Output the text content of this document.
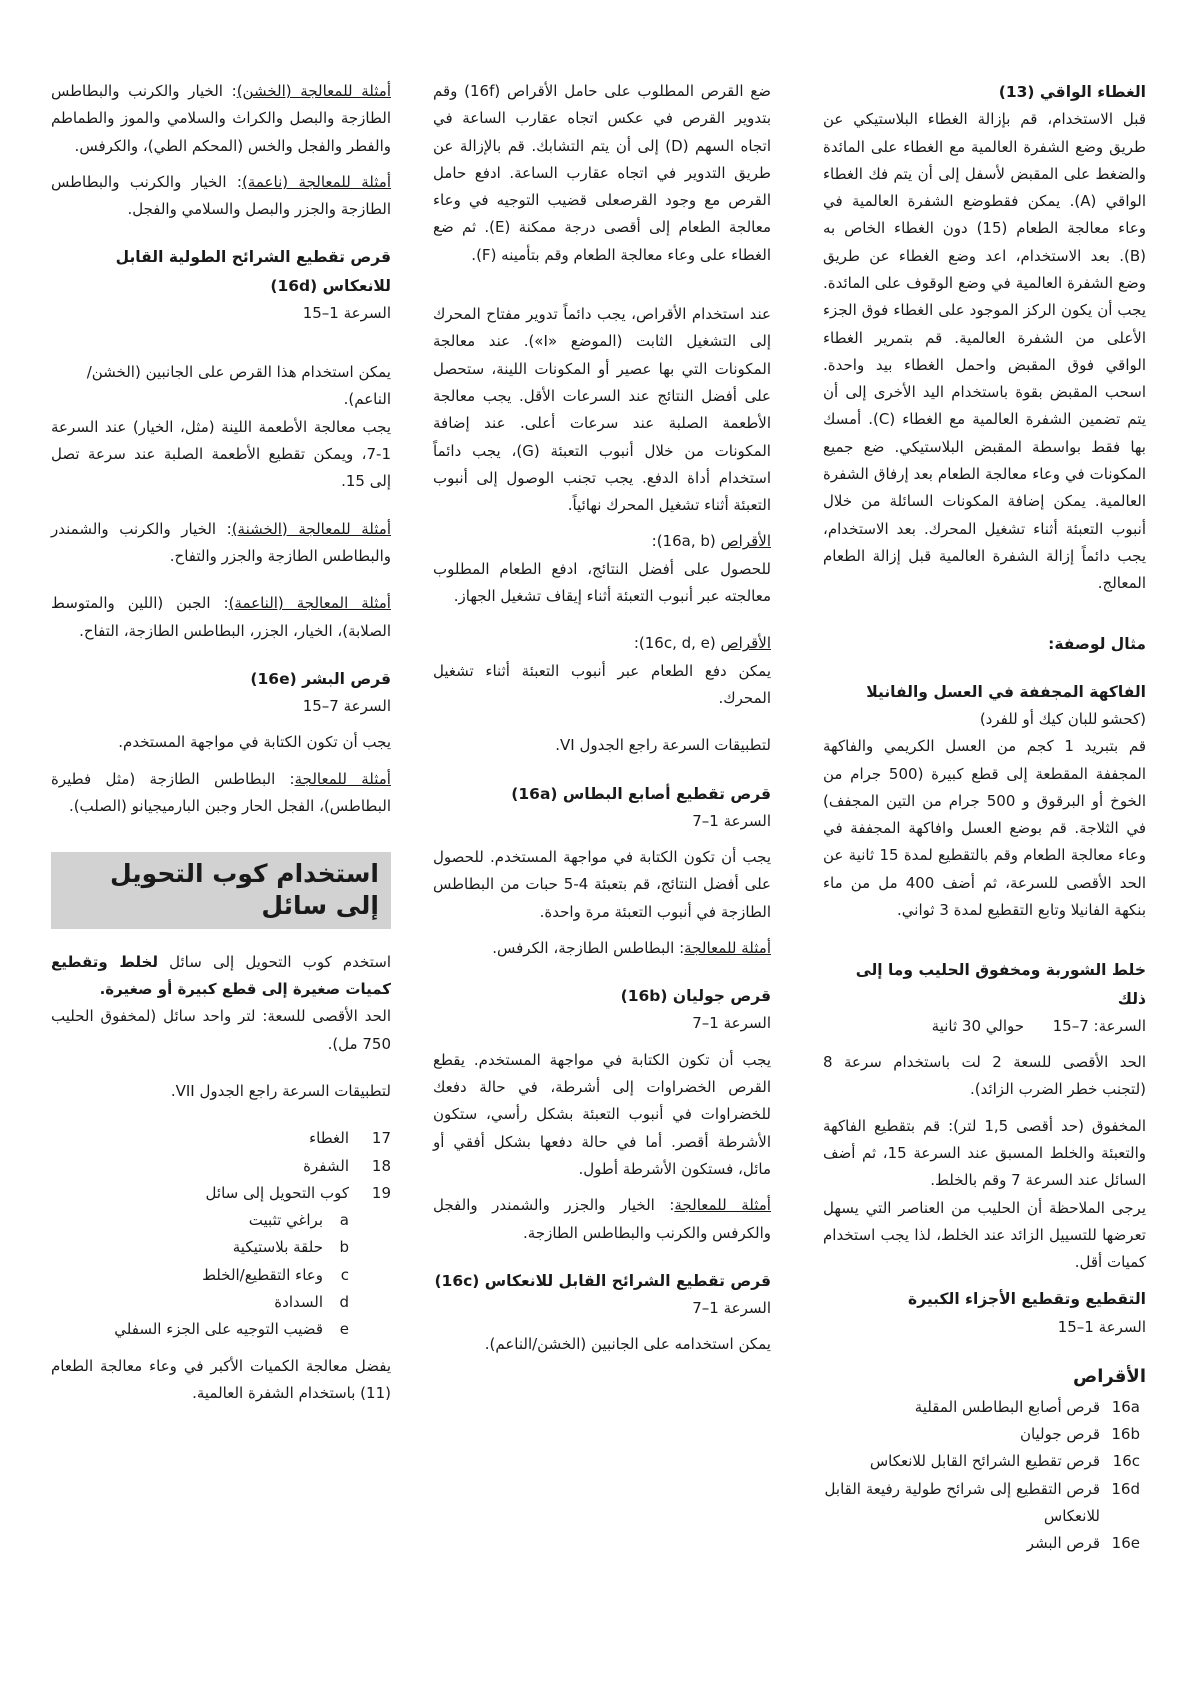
الغطاء الواقي (13)

قبل الاستخدام، قم بإزالة الغطاء البلاستيكي عن طريق وضع الشفرة العالمية مع الغطاء على المائدة والضغط على المقبض لأسفل إلى أن يتم فك الغطاء الواقي (A). يمكن فقطوضع الشفرة العالمية في وعاء معالجة الطعام (15) دون الغطاء الخاص به (B). بعد الاستخدام، اعد وضع الغطاء عن طريق وضع الشفرة العالمية في وضع الوقوف على المائدة. يجب أن يكون الركز الموجود على الغطاء فوق الجزء الأعلى من الشفرة العالمية. قم بتمرير الغطاء الواقي فوق المقبض واحمل الغطاء بيد واحدة. اسحب المقبض بقوة باستخدام اليد الأخرى إلى أن يتم تضمين الشفرة العالمية مع الغطاء (C). أمسك بها فقط بواسطة المقبض البلاستيكي. ضع جميع المكونات في وعاء معالجة الطعام بعد إرفاق الشفرة العالمية. يمكن إضافة المكونات السائلة من خلال أنبوب التعبئة أثناء تشغيل المحرك. بعد الاستخدام، يجب دائماً إزالة الشفرة العالمية قبل إزالة الطعام المعالج.

مثال لوصفة:

الفاكهة المجففة في العسل والفانيلا

(كحشو للبان كيك أو للفرد)

قم بتبريد 1 كجم من العسل الكريمي والفاكهة المجففة المقطعة إلى قطع كبيرة (500 جرام من الخوخ أو البرقوق و 500 جرام من التين المجفف) في الثلاجة. قم بوضع العسل وافاكهة المجففة في وعاء معالجة الطعام وقم بالتقطيع لمدة 15 ثانية عن الحد الأقصى للسرعة، ثم أضف 400 مل من ماء بنكهة الفانيلا وتابع التقطيع لمدة 3 ثواني.

خلط الشوربة ومخفوق الحليب وما إلى ذلك

السرعة: 7–15      حوالي 30 ثانية

الحد الأقصى للسعة 2 لت باستخدام سرعة 8 (لتجنب خطر الضرب الزائد).

المخفوق (حد أقصى 1,5 لتر): قم بتقطيع الفاكهة والتعبئة والخلط المسبق عند السرعة 15، ثم أضف السائل عند السرعة 7 وقم بالخلط.

يرجى الملاحظة أن الحليب من العناصر التي يسهل تعرضها للتسييل الزائد عند الخلط، لذا يجب استخدام كميات أقل.

التقطيع وتقطيع الأجزاء الكبيرة

السرعة 1–15

الأقراص

16a
قرص أصابع البطاطس المقلية
16b
قرص جوليان
16c
قرص تقطيع الشرائح القابل للانعكاس
16d
قرص التقطيع إلى شرائح طولية رفيعة القابل للانعكاس
16e
قرص البشر

ضع القرص المطلوب على حامل الأقراص (16f) وقم بتدوير القرص في عكس اتجاه عقارب الساعة في اتجاه السهم (D) إلى أن يتم التشابك. قم بالإزالة عن طريق التدوير في اتجاه عقارب الساعة. ادفع حامل القرص مع وجود القرصعلى قضيب التوجيه في وعاء معالجة الطعام إلى أقصى درجة ممكنة (E). ثم ضع الغطاء على وعاء معالجة الطعام وقم بتأمينه (F).

عند استخدام الأقراص، يجب دائماً تدوير مفتاح المحرك إلى التشغيل الثابت (الموضع «I»). عند معالجة المكونات التي بها عصير أو المكونات اللينة، ستحصل على أفضل النتائج عند السرعات الأقل. يجب معالجة الأطعمة الصلبة عند سرعات أعلى. عند إضافة المكونات من خلال أنبوب التعبئة (G)، يجب دائماً استخدام أداة الدفع. يجب تجنب الوصول إلى أنبوب التعبئة أثناء تشغيل المحرك نهائياً.

الأقراص (16a, b):

للحصول على أفضل النتائج، ادفع الطعام المطلوب معالجته عبر أنبوب التعبئة أثناء إيقاف تشغيل الجهاز.

الأقراص (16c, d, e):

يمكن دفع الطعام عبر أنبوب التعبئة أثناء تشغيل المحرك.

لتطبيقات السرعة راجع الجدول VI.

قرص تقطيع أصابع البطاس (16a)

السرعة 1–7

يجب أن تكون الكتابة في مواجهة المستخدم. للحصول على أفضل النتائج، قم بتعبئة 4-5 حبات من البطاطس الطازجة في أنبوب التعبئة مرة واحدة.

أمثلة للمعالجة: البطاطس الطازجة، الكرفس.

قرص جوليان (16b)

السرعة 1–7

يجب أن تكون الكتابة في مواجهة المستخدم. يقطع القرص الخضراوات إلى أشرطة، في حالة دفعك للخضراوات في أنبوب التعبئة بشكل رأسي، ستكون الأشرطة أقصر. أما في حالة دفعها بشكل أفقي أو مائل، فستكون الأشرطة أطول.

أمثلة للمعالجة: الخيار والجزر والشمندر والفجل والكرفس والكرنب والبطاطس الطازجة.

قرص تقطيع الشرائح القابل للانعكاس (16c)

السرعة 1–7

يمكن استخدامه على الجانبين (الخشن/الناعم).

أمثلة للمعالجة (الخشن): الخيار والكرنب والبطاطس الطازجة والبصل والكراث والسلامي والموز والطماطم والفطر والفجل والخس (المحكم الطي)، والكرفس.

أمثلة للمعالجة (ناعمة): الخيار والكرنب والبطاطس الطازجة والجزر والبصل والسلامي والفجل.

قرص تقطيع الشرائح الطولية القابل

للانعكاس (16d)

السرعة 1–15

يمكن استخدام هذا القرص على الجانبين (الخشن/الناعم).

يجب معالجة الأطعمة اللينة (مثل، الخيار) عند السرعة 1-7، ويمكن تقطيع الأطعمة الصلبة عند سرعة تصل إلى 15.

أمثلة للمعالجة (الخشنة): الخيار والكرنب والشمندر والبطاطس الطازجة والجزر والتفاح.

أمثلة المعالجة (الناعمة): الجبن (اللين والمتوسط الصلابة)، الخيار، الجزر، البطاطس الطازجة، التفاح.

قرص البشر (16e)

السرعة 7–15

يجب أن تكون الكتابة في مواجهة المستخدم.

أمثلة للمعالجة: البطاطس الطازجة (مثل فطيرة البطاطس)، الفجل الحار وجبن البارميجيانو (الصلب).

استخدام كوب التحويل إلى سائل

استخدم كوب التحويل إلى سائل لخلط وتقطيع كميات صغيرة إلى قطع كبيرة أو صغيرة.

الحد الأقصى للسعة: لتر واحد سائل (لمخفوق الحليب 750 مل).

لتطبيقات السرعة راجع الجدول VII.

17
الغطاء
18
الشفرة
19
كوب التحويل إلى سائل
a
براغي تثبيت
b
حلقة بلاستيكية
c
وعاء التقطيع/الخلط
d
السدادة
e
قضيب التوجيه على الجزء السفلي

يفضل معالجة الكميات الأكبر في وعاء معالجة الطعام (11) باستخدام الشفرة العالمية.
